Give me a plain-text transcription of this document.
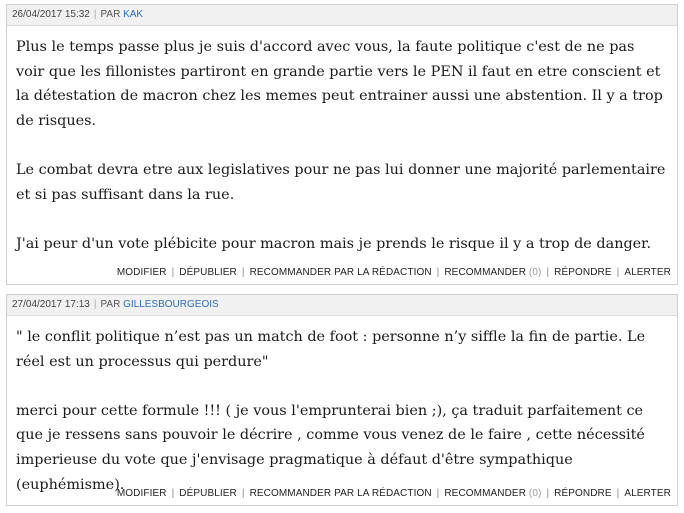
26/04/2017 15:32 | PAR KAK

Plus le temps passe plus je suis d'accord avec vous, la faute politique c'est de ne pas voir que les fillonistes partiront en grande partie vers le PEN il faut en etre conscient et la détestation de macron chez les memes peut entrainer aussi une abstention. Il y a trop de risques.

Le combat devra etre aux legislatives pour ne pas lui donner une majorité parlementaire et si pas suffisant dans la rue.

J'ai peur d'un vote plébicite pour macron mais je prends le risque il y a trop de danger.

MODIFIER | DÉPUBLIER | RECOMMANDER PAR LA RÉDACTION | RECOMMANDER (0) | RÉPONDRE | ALERTER
27/04/2017 17:13 | PAR GILLESBOURGEOIS

" le conflit politique n’est pas un match de foot : personne n’y siffle la fin de partie. Le réel est un processus qui perdure"

merci pour cette formule !!! ( je vous l'emprunterai bien ;), ça traduit parfaitement ce que je ressens sans pouvoir le décrire , comme vous venez de le faire , cette nécessité imperieuse du vote que j'envisage pragmatique à défaut d'être sympathique (euphémisme).

MODIFIER | DÉPUBLIER | RECOMMANDER PAR LA RÉDACTION | RECOMMANDER (0) | RÉPONDRE | ALERTER
